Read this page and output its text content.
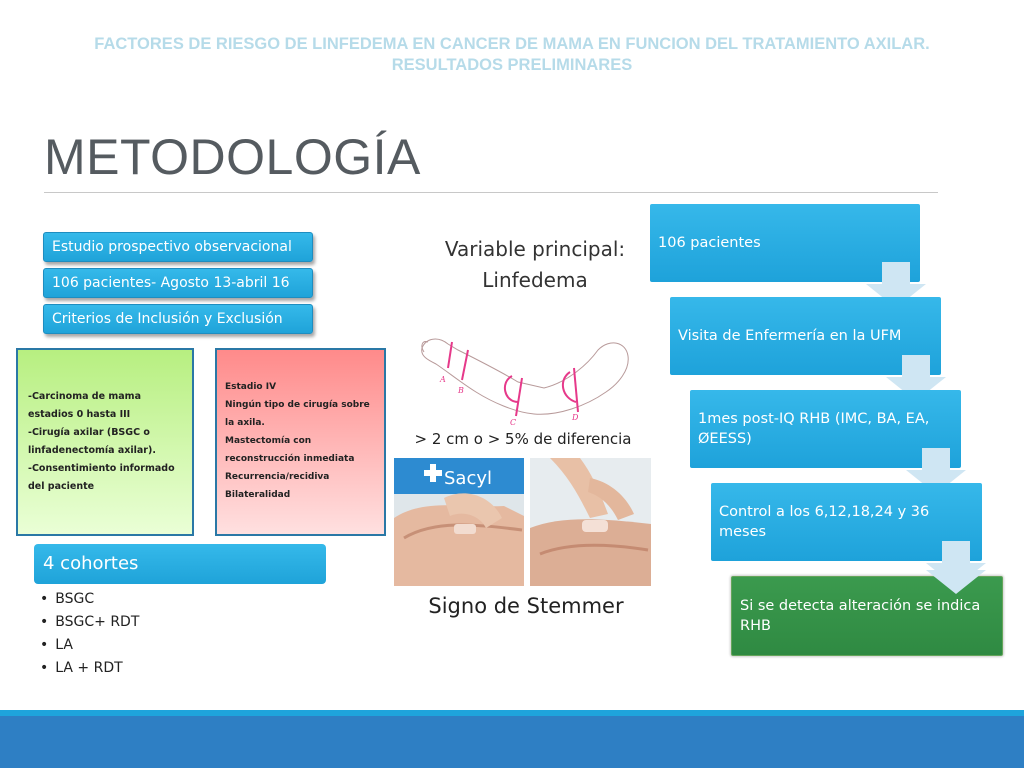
FACTORES DE RIESGO DE LINFEDEMA EN CANCER DE MAMA EN FUNCION DEL TRATAMIENTO AXILAR.
RESULTADOS PRELIMINARES
METODOLOGÍA
Estudio prospectivo observacional
106 pacientes- Agosto 13-abril 16
Criterios de Inclusión y Exclusión
-Carcinoma de mama estadios 0 hasta III
-Cirugía axilar (BSGC o linfadenectomía axilar).
-Consentimiento informado del paciente
Estadio IV
Ningún tipo de cirugía sobre la axila.
Mastectomía con reconstrucción inmediata Recurrencia/recidiva
Bilateralidad
4 cohortes
• BSGC
• BSGC+ RDT
• LA
• LA + RDT
Variable principal:
Linfedema
A
B
C
D
> 2 cm o > 5% de diferencia
Sacyl
Signo de Stemmer
106 pacientes
Visita de Enfermería en la UFM
1mes post-IQ RHB (IMC, BA, EA, ØEESS)
Control a los 6,12,18,24 y 36 meses
Si se detecta alteración se indica RHB
